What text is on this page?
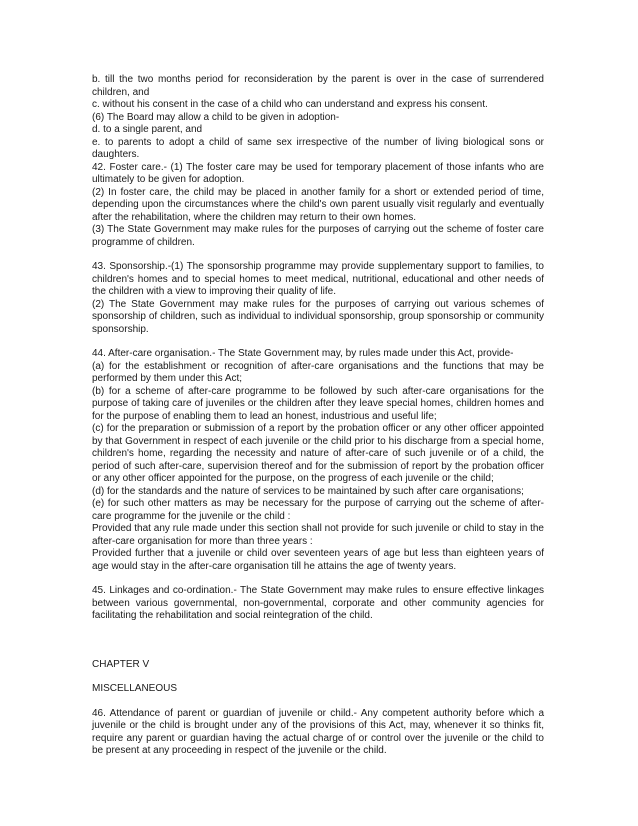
b. till the two months period for reconsideration by the parent is over in the case of surrendered children, and

c. without his consent in the case of a child who can understand and express his consent.

(6) The Board may allow a child to be given in adoption-

d. to a single parent, and

e. to parents to adopt a child of same sex irrespective of the number of living biological sons or daughters.

42. Foster care.- (1) The foster care may be used for temporary placement of those infants who are ultimately to be given for adoption.

(2) In foster care, the child may be placed in another family for a short or extended period of time, depending upon the circumstances where the child's own parent usually visit regularly and eventually after the rehabilitation, where the children may return to their own homes.

(3) The State Government may make rules for the purposes of carrying out the scheme of foster care programme of children.

43. Sponsorship.-(1) The sponsorship programme may provide supplementary support to families, to children's homes and to special homes to meet medical, nutritional, educational and other needs of the children with a view to improving their quality of life.

(2) The State Government may make rules for the purposes of carrying out various schemes of sponsorship of children, such as individual to individual sponsorship, group sponsorship or community sponsorship.

44. After-care organisation.- The State Government may, by rules made under this Act, provide-

(a) for the establishment or recognition of after-care organisations and the functions that may be performed by them under this Act;

(b) for a scheme of after-care programme to be followed by such after-care organisations for the purpose of taking care of juveniles or the children after they leave special homes, children homes and for the purpose of enabling them to lead an honest, industrious and useful life;

(c) for the preparation or submission of a report by the probation officer or any other officer appointed by that Government in respect of each juvenile or the child prior to his discharge from a special home, children's home, regarding the necessity and nature of after-care of such juvenile or of a child, the period of such after-care, supervision thereof and for the submission of report by the probation officer or any other officer appointed for the purpose, on the progress of each juvenile or the child;

(d) for the standards and the nature of services to be maintained by such after care organisations;

(e) for such other matters as may be necessary for the purpose of carrying out the scheme of after-care programme for the juvenile or the child :

Provided that any rule made under this section shall not provide for such juvenile or child to stay in the after-care organisation for more than three years :

Provided further that a juvenile or child over seventeen years of age but less than eighteen years of age would stay in the after-care organisation till he attains the age of twenty years.

45. Linkages and co-ordination.- The State Government may make rules to ensure effective linkages between various governmental, non-governmental, corporate and other community agencies for facilitating the rehabilitation and social reintegration of the child.

CHAPTER V

MISCELLANEOUS

46. Attendance of parent or guardian of juvenile or child.- Any competent authority before which a juvenile or the child is brought under any of the provisions of this Act, may, whenever it so thinks fit, require any parent or guardian having the actual charge of or control over the juvenile or the child to be present at any proceeding in respect of the juvenile or the child.
